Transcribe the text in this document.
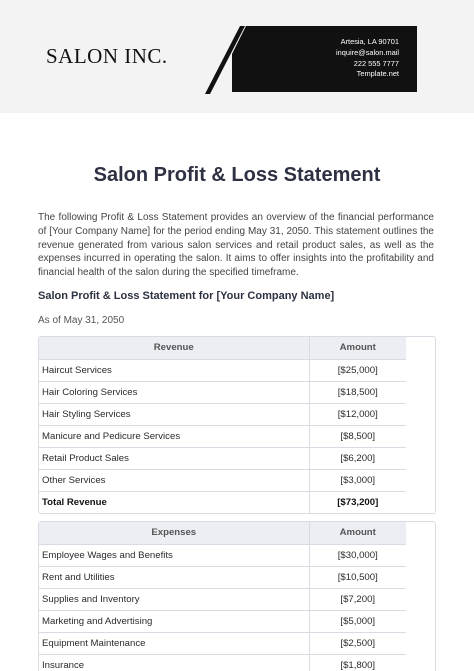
SALON INC.
Artesia, LA 90701
inquire@salon.mail
222 555 7777
Template.net
Salon Profit & Loss Statement
The following Profit & Loss Statement provides an overview of the financial performance of [Your Company Name] for the period ending May 31, 2050. This statement outlines the revenue generated from various salon services and retail product sales, as well as the expenses incurred in operating the salon. It aims to offer insights into the profitability and financial health of the salon during the specified timeframe.
Salon Profit & Loss Statement for [Your Company Name]
As of May 31, 2050
Revenue	Amount
Haircut Services	[$25,000]
Hair Coloring Services	[$18,500]
Hair Styling Services	[$12,000]
Manicure and Pedicure Services	[$8,500]
Retail Product Sales	[$6,200]
Other Services	[$3,000]
Total Revenue	[$73,200]
Expenses	Amount
Employee Wages and Benefits	[$30,000]
Rent and Utilities	[$10,500]
Supplies and Inventory	[$7,200]
Marketing and Advertising	[$5,000]
Equipment Maintenance	[$2,500]
Insurance	[$1,800]
